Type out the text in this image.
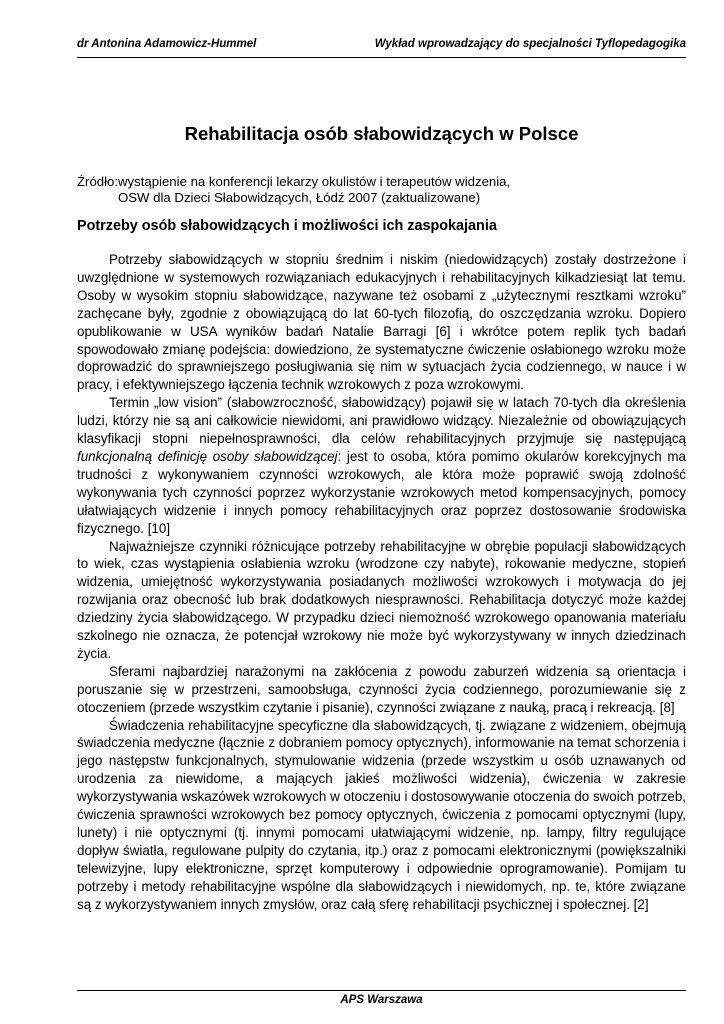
dr Antonina Adamowicz-Hummel	Wykład wprowadzający do specjalności Tyflopedagogika
Rehabilitacja osób słabowidzących w Polsce
Źródło: wystąpienie na konferencji lekarzy okulistów i terapeutów widzenia,
OSW dla Dzieci Słabowidzących, Łódź 2007 (zaktualizowane)
Potrzeby osób słabowidzących i możliwości ich zaspokajania

Potrzeby słabowidzących w stopniu średnim i niskim (niedowidzących) zostały dostrzeżone i uwzględnione w systemowych rozwiązaniach edukacyjnych i rehabilitacyjnych kilkadziesiąt lat temu. Osoby w wysokim stopniu słabowidzące, nazywane też osobami z „użytecznymi resztkami wzroku” zachęcane były, zgodnie z obowiązującą do lat 60-tych filozofią, do oszczędzania wzroku. Dopiero opublikowanie w USA wyników badań Natalie Barragi [6] i wkrótce potem replik tych badań spowodowało zmianę podejścia: dowiedziono, że systematyczne ćwiczenie osłabionego wzroku może doprowadzić do sprawniejszego posługiwania się nim w sytuacjach życia codziennego, w nauce i w pracy, i efektywniejszego łączenia technik wzrokowych z poza wzrokowymi.

Termin „low vision” (słabowzroczność, słabowidzący) pojawił się w latach 70-tych dla określenia ludzi, którzy nie są ani całkowicie niewidomi, ani prawidłowo widzący. Niezależnie od obowiązujących klasyfikacji stopni niepełnosprawności, dla celów rehabilitacyjnych przyjmuje się następującą funkcjonalną definicję osoby słabowidzącej: jest to osoba, która pomimo okularów korekcyjnych ma trudności z wykonywaniem czynności wzrokowych, ale która może poprawić swoją zdolność wykonywania tych czynności poprzez wykorzystanie wzrokowych metod kompensacyjnych, pomocy ułatwiających widzenie i innych pomocy rehabilitacyjnych oraz poprzez dostosowanie środowiska fizycznego. [10]

Najważniejsze czynniki różnicujące potrzeby rehabilitacyjne w obrębie populacji słabowidzących to wiek, czas wystąpienia osłabienia wzroku (wrodzone czy nabyte), rokowanie medyczne, stopień widzenia, umiejętność wykorzystywania posiadanych możliwości wzrokowych i motywacja do jej rozwijania oraz obecność lub brak dodatkowych niesprawności. Rehabilitacja dotyczyć może każdej dziedziny życia słabowidzącego. W przypadku dzieci niemożność wzrokowego opanowania materiału szkolnego nie oznacza, że potencjał wzrokowy nie może być wykorzystywany w innych dziedzinach życia.

Sferami najbardziej narażonymi na zakłócenia z powodu zaburzeń widzenia są orientacja i poruszanie się w przestrzeni, samoobsługa, czynności życia codziennego, porozumiewanie się z otoczeniem (przede wszystkim czytanie i pisanie), czynności związane z nauką, pracą i rekreacją. [8]

Świadczenia rehabilitacyjne specyficzne dla słabowidzących, tj. związane z widzeniem, obejmują świadczenia medyczne (łącznie z dobraniem pomocy optycznych), informowanie na temat schorzenia i jego następstw funkcjonalnych, stymulowanie widzenia (przede wszystkim u osób uznawanych od urodzenia za niewidome, a mających jakieś możliwości widzenia), ćwiczenia w zakresie wykorzystywania wskazówek wzrokowych w otoczeniu i dostosowywanie otoczenia do swoich potrzeb, ćwiczenia sprawności wzrokowych bez pomocy optycznych, ćwiczenia z pomocami optycznymi (lupy, lunety) i nie optycznymi (tj. innymi pomocami ułatwiającymi widzenie, np. lampy, filtry regulujące dopływ światła, regulowane pulpity do czytania, itp.) oraz z pomocami elektronicznymi (powiększalniki telewizyjne, lupy elektroniczne, sprzęt komputerowy i odpowiednie oprogramowanie). Pomijam tu potrzeby i metody rehabilitacyjne wspólne dla słabowidzących i niewidomych, np. te, które związane są z wykorzystywaniem innych zmysłów, oraz całą sferę rehabilitacji psychicznej i społecznej. [2]

APS Warszawa
